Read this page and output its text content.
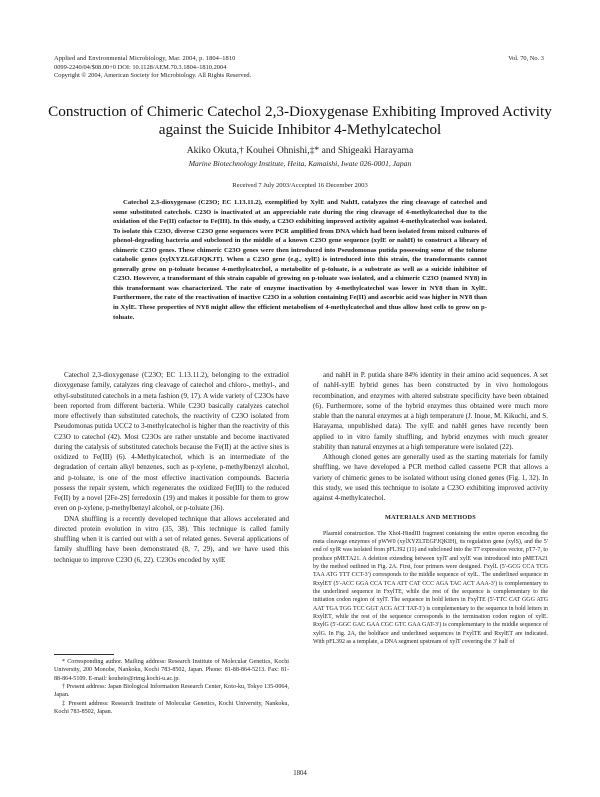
Applied and Environmental Microbiology, Mar. 2004, p. 1804–1810
0099-2240/04/$08.00+0 DOI: 10.1128/AEM.70.3.1804–1810.2004
Copyright © 2004, American Society for Microbiology. All Rights Reserved.
Vol. 70, No. 3
Construction of Chimeric Catechol 2,3-Dioxygenase Exhibiting Improved Activity against the Suicide Inhibitor 4-Methylcatechol
Akiko Okuta,† Kouhei Ohnishi,‡* and Shigeaki Harayama
Marine Biotechnology Institute, Heita, Kamaishi, Iwate 026-0001, Japan
Received 7 July 2003/Accepted 16 December 2003

Catechol 2,3-dioxygenase (C23O; EC 1.13.11.2), exemplified by XylE and NahH, catalyzes the ring cleavage of catechol and some substituted catechols. C23O is inactivated at an appreciable rate during the ring cleavage of 4-methylcatechol due to the oxidation of the Fe(II) cofactor to Fe(III). In this study, a C23O exhibiting improved activity against 4-methylcatechol was isolated. To isolate this C23O, diverse C23O gene sequences were PCR amplified from DNA which had been isolated from mixed cultures of phenol-degrading bacteria and subcloned in the middle of a known C23O gene sequence (xylE or nahH) to construct a library of chimeric C23O genes. These chimeric C23O genes were then introduced into Pseudomonas putida possessing some of the toluene catabolic genes (xylXYZLGFJQKJT). When a C23O gene (e.g., xylE) is introduced into this strain, the transformants cannot generally grow on p-toluate because 4-methylcatechol, a metabolite of p-toluate, is a substrate as well as a suicide inhibitor of C23O. However, a transformant of this strain capable of growing on p-toluate was isolated, and a chimeric C23O (named NY8) in this transformant was characterized. The rate of enzyme inactivation by 4-methylcatechol was lower in NY8 than in XylE. Furthermore, the rate of the reactivation of inactive C23O in a solution containing Fe(II) and ascorbic acid was higher in NY8 than in XylE. These properties of NY8 might allow the efficient metabolism of 4-methylcatechol and thus allow host cells to grow on p-toluate.

Catechol 2,3-dioxygenase (C23O; EC 1.13.11.2), belonging to the extradiol dioxygenase family, catalyzes ring cleavage of catechol and chloro-, methyl-, and ethyl-substituted catechols in a meta fashion (9, 17). A wide variety of C23Os have been reported from different bacteria. While C23O basically catalyzes catechol more effectively than substituted catechols, the reactivity of C23O isolated from Pseudomonas putida UCC2 to 3-methylcatechol is higher than the reactivity of this C23O to catechol (42). Most C23Os are rather unstable and become inactivated during the catalysis of substituted catechols because the Fe(II) at the active sites is oxidized to Fe(III) (6). 4-Methylcatechol, which is an intermediate of the degradation of certain alkyl benzenes, such as p-xylene, p-methylbenzyl alcohol, and p-toluate, is one of the most effective inactivation compounds. Bacteria possess the repair system, which regenerates the oxidized Fe(III) to the reduced Fe(II) by a novel [2Fe-2S] ferredoxin (19) and makes it possible for them to grow even on p-xylene, p-methylbenzyl alcohol, or p-toluate (36).

DNA shuffling is a recently developed technique that allows accelerated and directed protein evolution in vitro (35, 38). This technique is called family shuffling when it is carried out with a set of related genes. Several applications of family shuffling have been demonstrated (8, 7, 29), and we have used this technique to improve C23O (6, 22). C23Os encoded by xylE

* Corresponding author. Mailing address: Research Institute of Molecular Genetics, Kochi University, 200 Monobe, Nankoku, Kochi 783-8502, Japan. Phone: 81-88-864-5213. Fax: 81-88-864-5109. E-mail: kouheio@rimg.kochi-u.ac.jp.

† Present address: Japan Biological Information Research Center, Koto-ku, Tokyo 135-0064, Japan.

‡ Present address: Research Institute of Molecular Genetics, Kochi University, Nankoku, Kochi 783-8502, Japan.

and nahH in P. putida share 84% identity in their amino acid sequences. A set of nahH-xylE hybrid genes has been constructed by in vivo homologous recombination, and enzymes with altered substrate specificity have been obtained (6). Furthermore, some of the hybrid enzymes thus obtained were much more stable than the natural enzymes at a high temperature (J. Inoue, M. Kikuchi, and S. Harayama, unpublished data). The xylE and nahH genes have recently been applied to in vitro family shuffling, and hybrid enzymes with much greater stability than natural enzymes at a high temperature were isolated (22).

Although cloned genes are generally used as the starting materials for family shuffling, we have developed a PCR method called cassette PCR that allows a variety of chimeric genes to be isolated without using cloned genes (Fig. 1, 32). In this study, we used this technique to isolate a C23O exhibiting improved activity against 4-methylcatechol.

MATERIALS AND METHODS

Plasmid construction. The XhoI-HindIII fragment containing the entire operon encoding the meta cleavage enzymes of pWW0 (xylXYZLTEGFJQKIH), its regulation gene (xylS), and the 5′ end of xylR was isolated from pFL392 (11) and subcloned into the T7 expression vector, pT7-7, to produce pMETA21. A deletion extending between xylT and xylE was introduced into pMETA21 by the method outlined in Fig. 2A. First, four primers were designed. FxylL (5′-GCG CCA TCG TAA ATG TTT CCT-3′) corresponds to the middle sequence of xylL. The underlined sequence in RxylET (5′-ACC GGA CCA TCA ATT CAT CCC AGA TAC ACT AAA-3′) is complementary to the underlined sequence in FxylTE, while the rest of the sequence is complementary to the initiation codon region of xylT. The sequence in bold letters in FxylTE (5′-TTC CAT GGG ATG AAT TGA TGG TCC GGT ACG ACT TAT-3′) is complementary to the sequence in bold letters in RxylET, while the rest of the sequence corresponds to the termination codon region of xylE. RxylG (5′-GGC GAC GAA CGC GTC GAA GAT-3′) is complementary to the middle sequence of xylG. In Fig. 2A, the boldface and underlined sequences in FxylTE and RxylET are indicated. With pFL392 as a template, a DNA segment upstream of xylT covering the 3′ half of

1804
